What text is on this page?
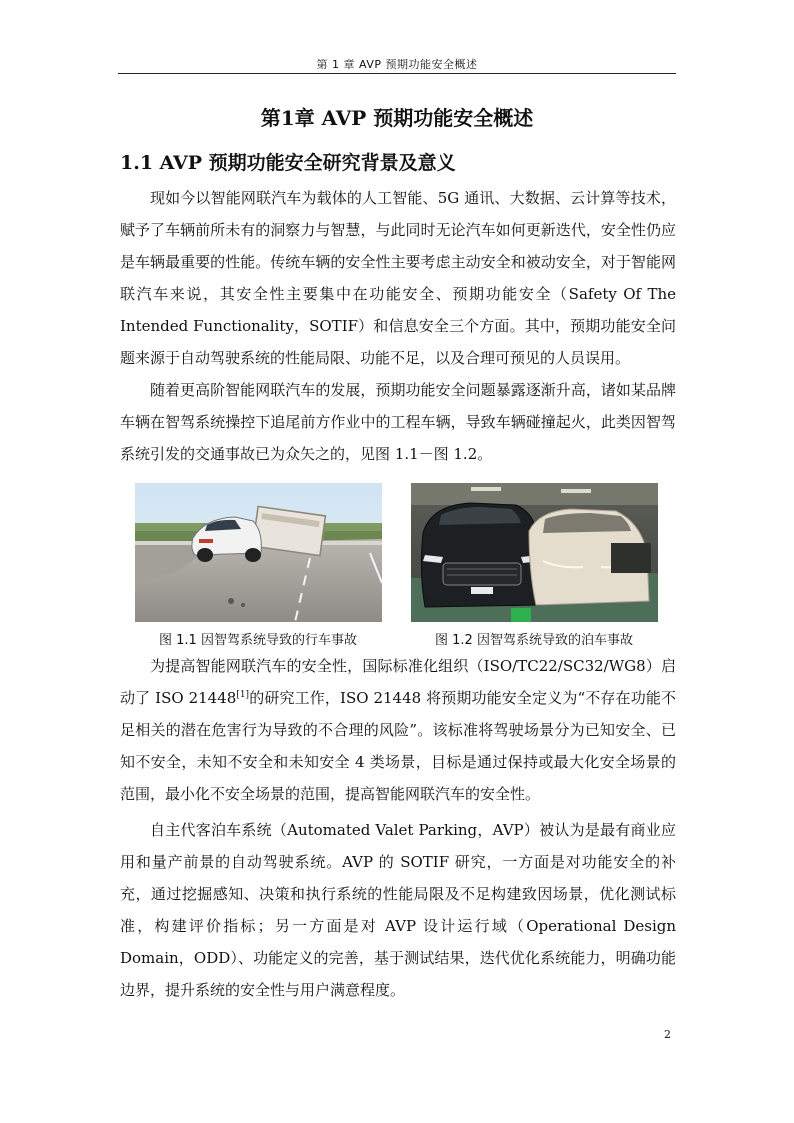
第 1 章 AVP 预期功能安全概述
第1章 AVP 预期功能安全概述
1.1 AVP 预期功能安全研究背景及意义

现如今以智能网联汽车为载体的人工智能、5G 通讯、大数据、云计算等技术，赋予了车辆前所未有的洞察力与智慧，与此同时无论汽车如何更新迭代，安全性仍应是车辆最重要的性能。传统车辆的安全性主要考虑主动安全和被动安全，对于智能网联汽车来说，其安全性主要集中在功能安全、预期功能安全（Safety Of The Intended Functionality，SOTIF）和信息安全三个方面。其中，预期功能安全问题来源于自动驾驶系统的性能局限、功能不足，以及合理可预见的人员误用。

随着更高阶智能网联汽车的发展，预期功能安全问题暴露逐渐升高，诸如某品牌车辆在智驾系统操控下追尾前方作业中的工程车辆，导致车辆碰撞起火，此类因智驾系统引发的交通事故已为众矢之的，见图 1.1－图 1.2。

图 1.1 因智驾系统导致的行车事故	图 1.2 因智驾系统导致的泊车事故

为提高智能网联汽车的安全性，国际标准化组织（ISO/TC22/SC32/WG8）启动了 ISO 21448[1]的研究工作，ISO 21448 将预期功能安全定义为“不存在功能不足相关的潜在危害行为导致的不合理的风险”。该标准将驾驶场景分为已知安全、已知不安全，未知不安全和未知安全 4 类场景，目标是通过保持或最大化安全场景的范围，最小化不安全场景的范围，提高智能网联汽车的安全性。

自主代客泊车系统（Automated Valet Parking，AVP）被认为是最有商业应用和量产前景的自动驾驶系统。AVP 的 SOTIF 研究，一方面是对功能安全的补充，通过挖掘感知、决策和执行系统的性能局限及不足构建致因场景，优化测试标准，构建评价指标；另一方面是对 AVP 设计运行域（Operational Design Domain，ODD）、功能定义的完善，基于测试结果，迭代优化系统能力，明确功能边界，提升系统的安全性与用户满意程度。

2
